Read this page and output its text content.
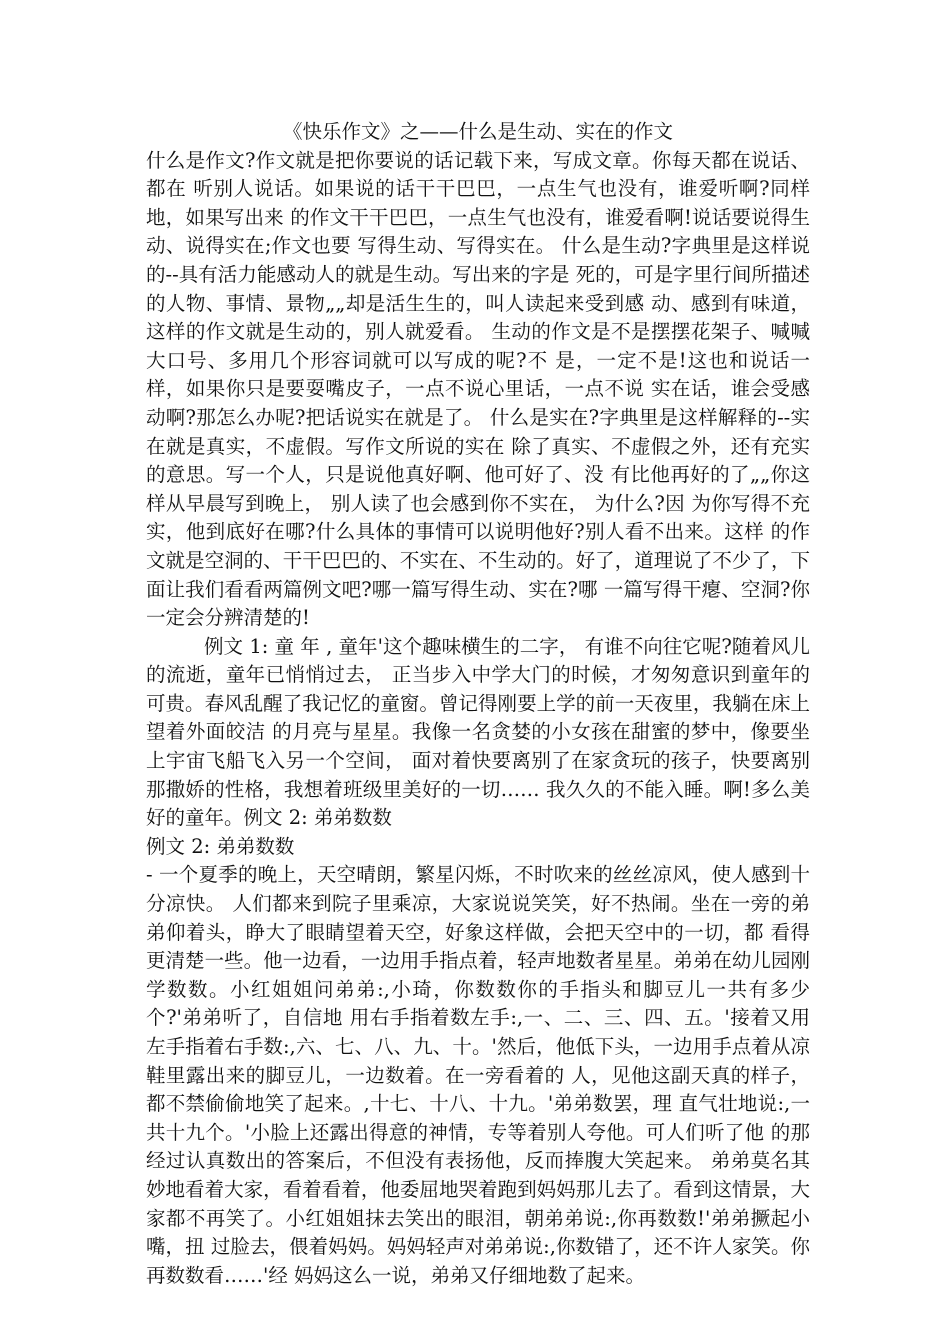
《快乐作文》之——什么是生动、实在的作文

什么是作文?作文就是把你要说的话记载下来，写成文章。你每天都在说话、都在 听别人说话。如果说的话干干巴巴，一点生气也没有，谁爱听啊?同样地，如果写出来 的作文干干巴巴，一点生气也没有，谁爱看啊!说话要说得生动、说得实在;作文也要 写得生动、写得实在。 什么是生动?字典里是这样说的--具有活力能感动人的就是生动。写出来的字是 死的，可是字里行间所描述的人物、事情、景物„„却是活生生的，叫人读起来受到感 动、感到有味道，这样的作文就是生动的，别人就爱看。 生动的作文是不是摆摆花架子、喊喊大口号、多用几个形容词就可以写成的呢?不 是，一定不是!这也和说话一样，如果你只是要耍嘴皮子，一点不说心里话，一点不说 实在话，谁会受感动啊?那怎么办呢?把话说实在就是了。 什么是实在?字典里是这样解释的--实在就是真实，不虚假。写作文所说的实在 除了真实、不虚假之外，还有充实的意思。写一个人，只是说他真好啊、他可好了、没 有比他再好的了„„你这样从早晨写到晚上， 别人读了也会感到你不实在， 为什么?因 为你写得不充实，他到底好在哪?什么具体的事情可以说明他好?别人看不出来。这样 的作文就是空洞的、干干巴巴的、不实在、不生动的。好了，道理说了不少了，下面让我们看看两篇例文吧?哪一篇写得生动、实在?哪 一篇写得干瘪、空洞?你一定会分辨清楚的!

例文 1: 童 年 , 童年'这个趣味横生的二字， 有谁不向往它呢?随着风儿的流逝，童年已悄悄过去， 正当步入中学大门的时候，才匆匆意识到童年的可贵。春风乱醒了我记忆的童窗。曾记得刚要上学的前一天夜里，我躺在床上望着外面皎洁 的月亮与星星。我像一名贪婪的小女孩在甜蜜的梦中，像要坐上宇宙飞船飞入另一个空间， 面对着快要离别了在家贪玩的孩子，快要离别那撒娇的性格，我想着班级里美好的一切…… 我久久的不能入睡。啊!多么美好的童年。例文 2: 弟弟数数

例文 2: 弟弟数数

- 一个夏季的晚上，天空晴朗，繁星闪烁，不时吹来的丝丝凉风，使人感到十分凉快。 人们都来到院子里乘凉，大家说说笑笑，好不热闹。坐在一旁的弟弟仰着头，睁大了眼睛望着天空，好象这样做，会把天空中的一切，都 看得更清楚一些。他一边看，一边用手指点着，轻声地数者星星。弟弟在幼儿园刚学数数。小红姐姐问弟弟:,小琦，你数数你的手指头和脚豆儿一共有多少个?'弟弟听了，自信地 用右手指着数左手:,一、二、三、四、五。'接着又用左手指着右手数:,六、七、八、九、十。'然后，他低下头，一边用手点着从凉鞋里露出来的脚豆儿，一边数着。在一旁看着的 人，见他这副天真的样子，都不禁偷偷地笑了起来。,十七、十八、十九。'弟弟数罢，理 直气壮地说:,一共十九个。'小脸上还露出得意的神情，专等着别人夸他。可人们听了他 的那经过认真数出的答案后，不但没有表扬他，反而捧腹大笑起来。 弟弟莫名其妙地看着大家，看着看着，他委屈地哭着跑到妈妈那儿去了。看到这情景，大家都不再笑了。小红姐姐抹去笑出的眼泪，朝弟弟说:,你再数数!'弟弟撅起小嘴，扭 过脸去，偎着妈妈。妈妈轻声对弟弟说:,你数错了，还不许人家笑。你再数数看……'经 妈妈这么一说，弟弟又仔细地数了起来。
